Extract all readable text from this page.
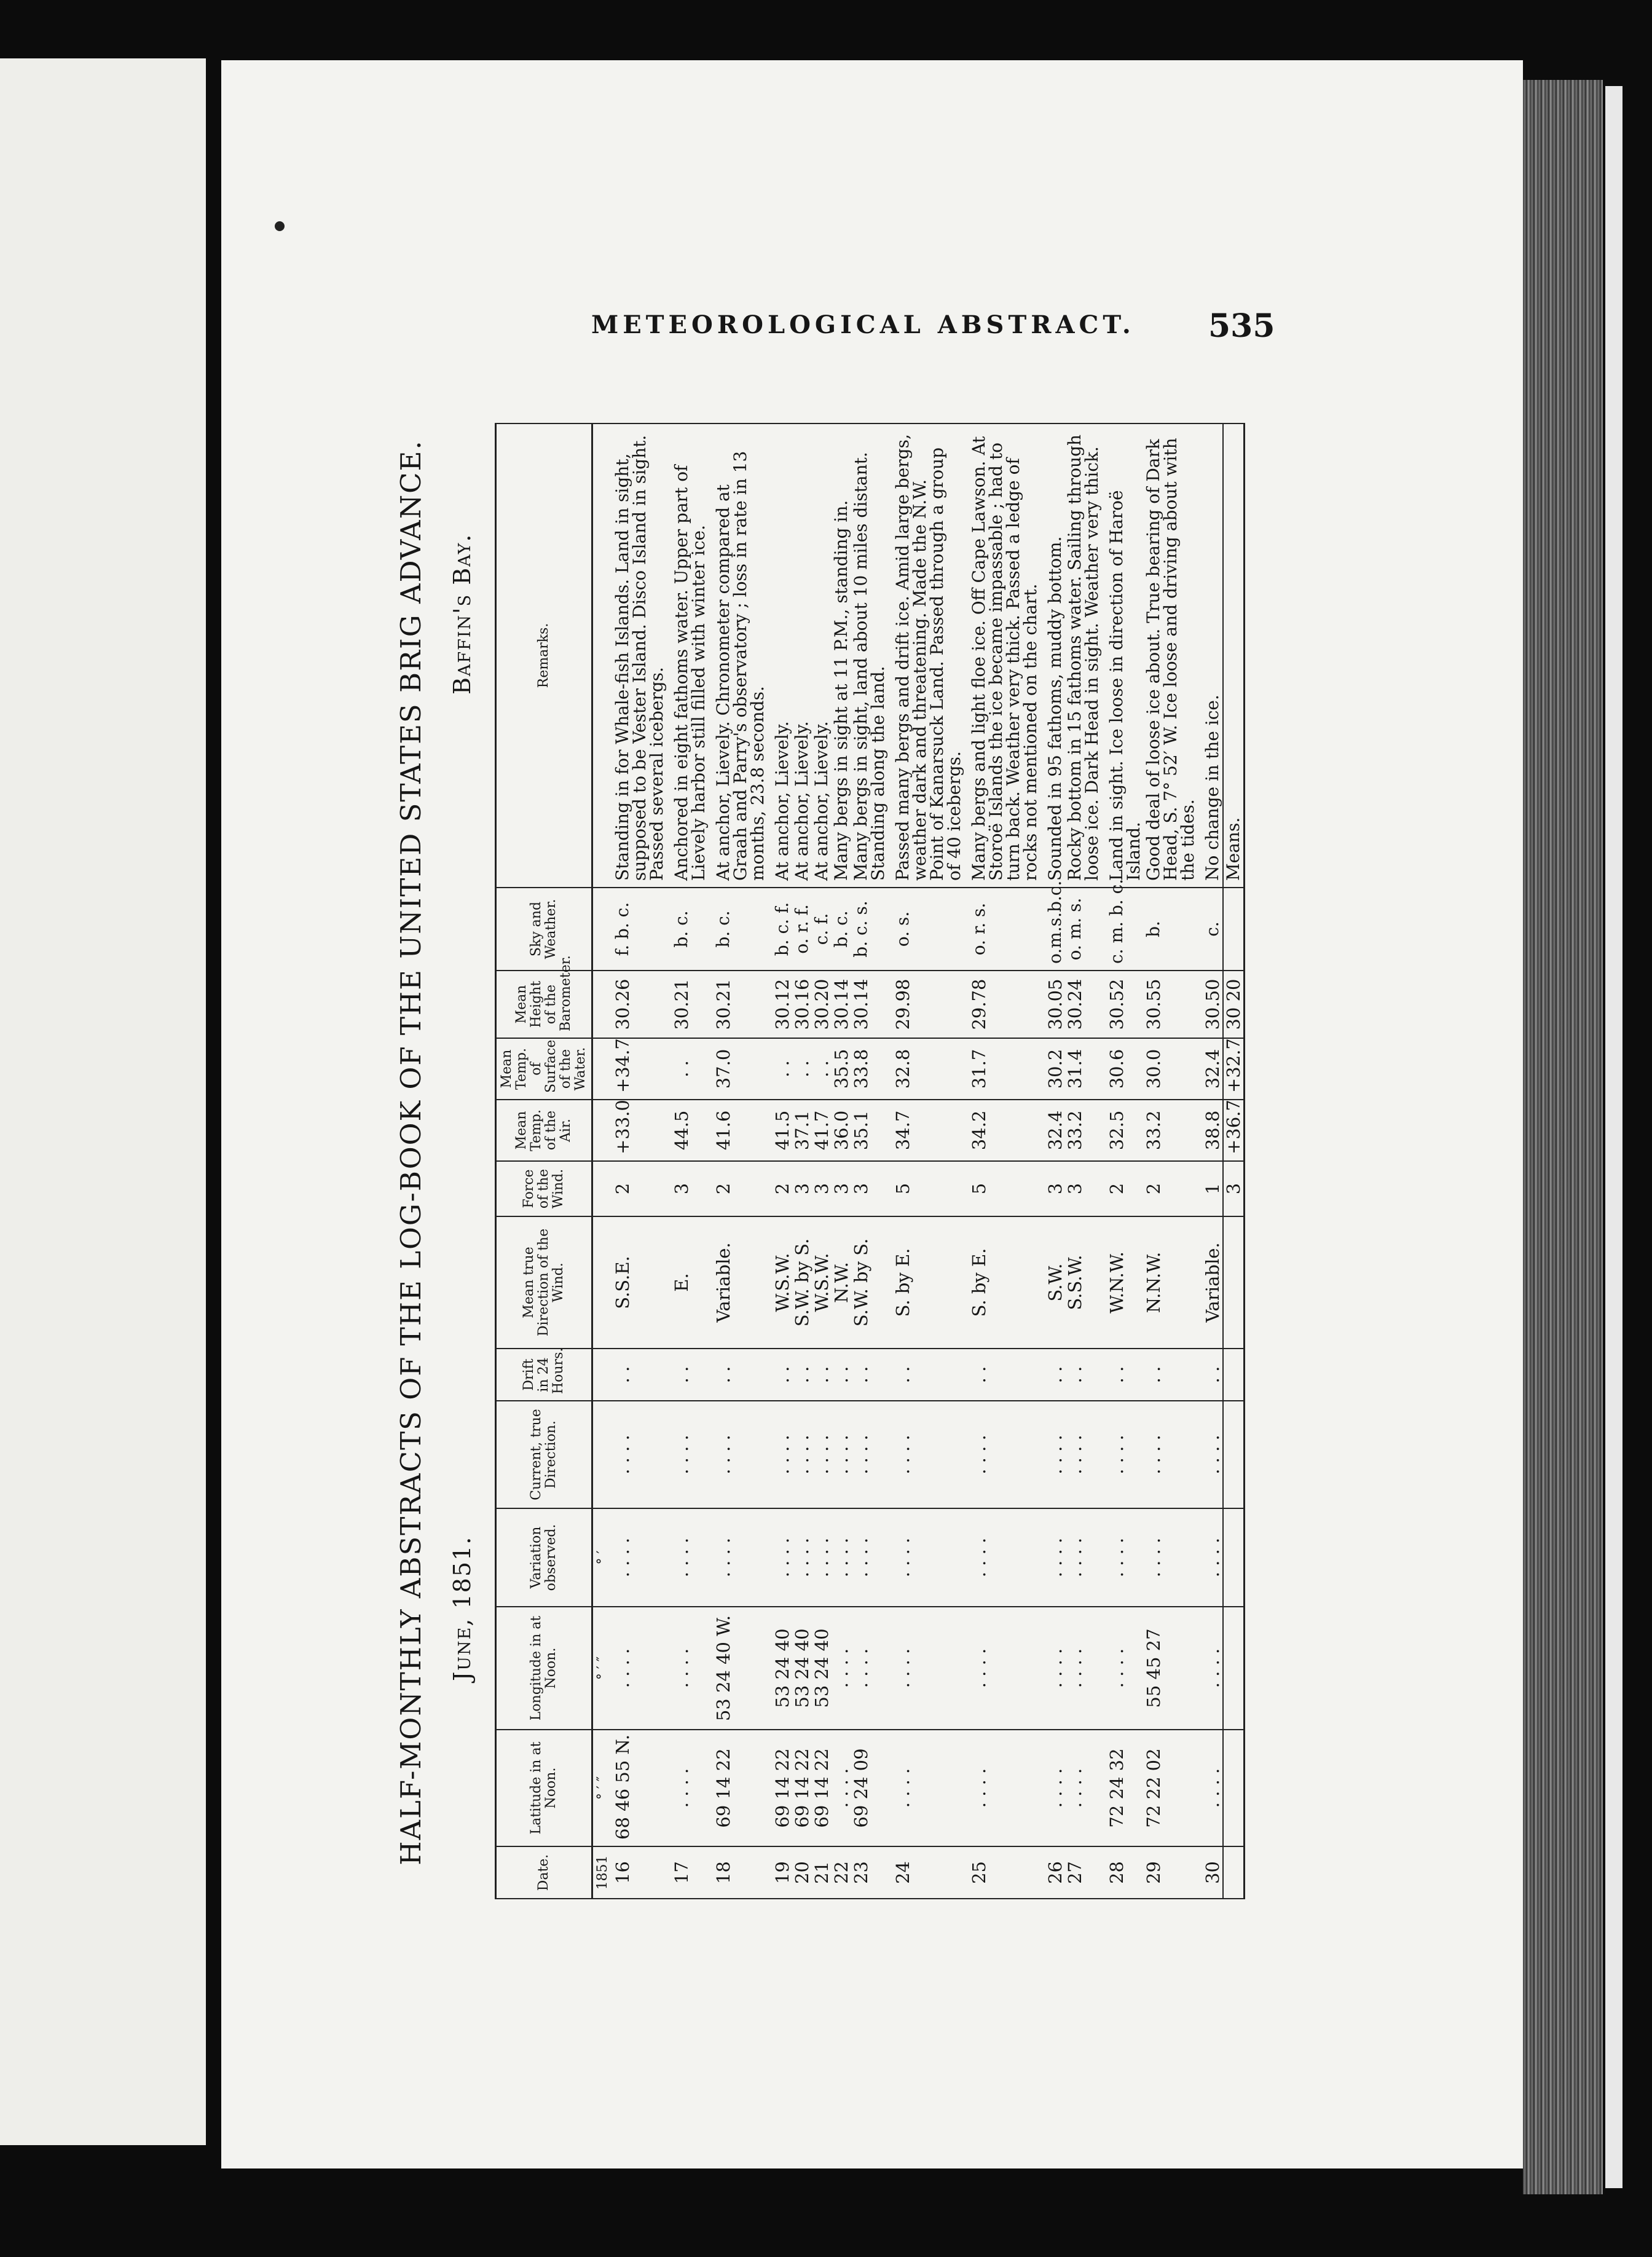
METEOROLOGICAL ABSTRACT. 535
HALF-MONTHLY ABSTRACTS OF THE LOG-BOOK OF THE UNITED STATES BRIG ADVANCE. June, 1851.
Baffin's Bay.
Date.	Latitude in at Noon.	Longitude in at Noon.	Variation observed.	Current, true Direction.	Drift in 24 Hours.	Mean true Direction of the Wind.	Force of the Wind.	Mean Temp. of the Air.	Mean Temp. of Surface of the Water.	Mean Height of the Barometer.	Sky and Weather.	Remarks.
1851	° ′ ″	° ′ ″	° ′									
16	68 46 55 N.	. . . .	. . . .	. . . .	. .	S.S.E.	2	+33.0	+34.7	30.26	f. b. c.	Standing in for Whale-fish Islands. Land in sight, supposed to be Vester Island. Disco Island in sight. Passed several icebergs.
17	. . . .	. . . .	. . . .	. . . .	. .	E.	3	44.5	. .	30.21	b. c.	Anchored in eight fathoms water. Upper part of Lievely harbor still filled with winter ice.
18	69 14 22	53 24 40 W.	. . . .	. . . .	. .	Variable.	2	41.6	37.0	30.21	b. c.	At anchor, Lievely. Chronometer compared at Graah and Parry's observatory ; loss in rate in 13 months, 23.8 seconds.
19	69 14 22	53 24 40	. . . .	. . . .	. .	W.S.W.	2	41.5	. .	30.12	b. c. f.	At anchor, Lievely.
20	69 14 22	53 24 40	. . . .	. . . .	. .	S.W. by S.	3	37.1	. .	30.16	o. r. f.	At anchor, Lievely.
21	69 14 22	53 24 40	. . . .	. . . .	. .	W.S.W.	3	41.7	. .	30.20	c. f.	At anchor, Lievely.
22	. . . .	. . . .	. . . .	. . . .	. .	N.W.	3	36.0	35.5	30.14	b. c.	Many bergs in sight at 11 P.M., standing in.
23	69 24 09	. . . .	. . . .	. . . .	. .	S.W. by S.	3	35.1	33.8	30.14	b. c. s.	Many bergs in sight, land about 10 miles distant. Standing along the land.
24	. . . .	. . . .	. . . .	. . . .	. .	S. by E.	5	34.7	32.8	29.98	o. s.	Passed many bergs and drift ice. Amid large bergs, weather dark and threatening. Made the N.W. Point of Kanarsuck Land. Passed through a group of 40 icebergs.
25	. . . .	. . . .	. . . .	. . . .	. .	S. by E.	5	34.2	31.7	29.78	o. r. s.	Many bergs and light floe ice. Off Cape Lawson. At Storoë Islands the ice became impassable ; had to turn back. Weather very thick. Passed a ledge of rocks not mentioned on the chart.
26	. . . .	. . . .	. . . .	. . . .	. .	S.W.	3	32.4	30.2	30.05	o.m.s.b.c.	Sounded in 95 fathoms, muddy bottom.
27	. . . .	. . . .	. . . .	. . . .	. .	S.S.W.	3	33.2	31.4	30.24	o. m. s.	Rocky bottom in 15 fathoms water. Sailing through loose ice. Dark Head in sight. Weather very thick.
28	72 24 32	. . . .	. . . .	. . . .	. .	W.N.W.	2	32.5	30.6	30.52	c. m. b. c.	Land in sight. Ice loose in direction of Haroë Island.
29	72 22 02	55 45 27	. . . .	. . . .	. .	N.N.W.	2	33.2	30.0	30.55	b.	Good deal of loose ice about. True bearing of Dark Head, S. 7° 52′ W. Ice loose and driving about with the tides.
30	. . . .	. . . .	. . . .	. . . .	. .	Variable.	1	38.8	32.4	30.50	c.	No change in the ice.
							3	+36.7	+32.7	30 20		Means.
